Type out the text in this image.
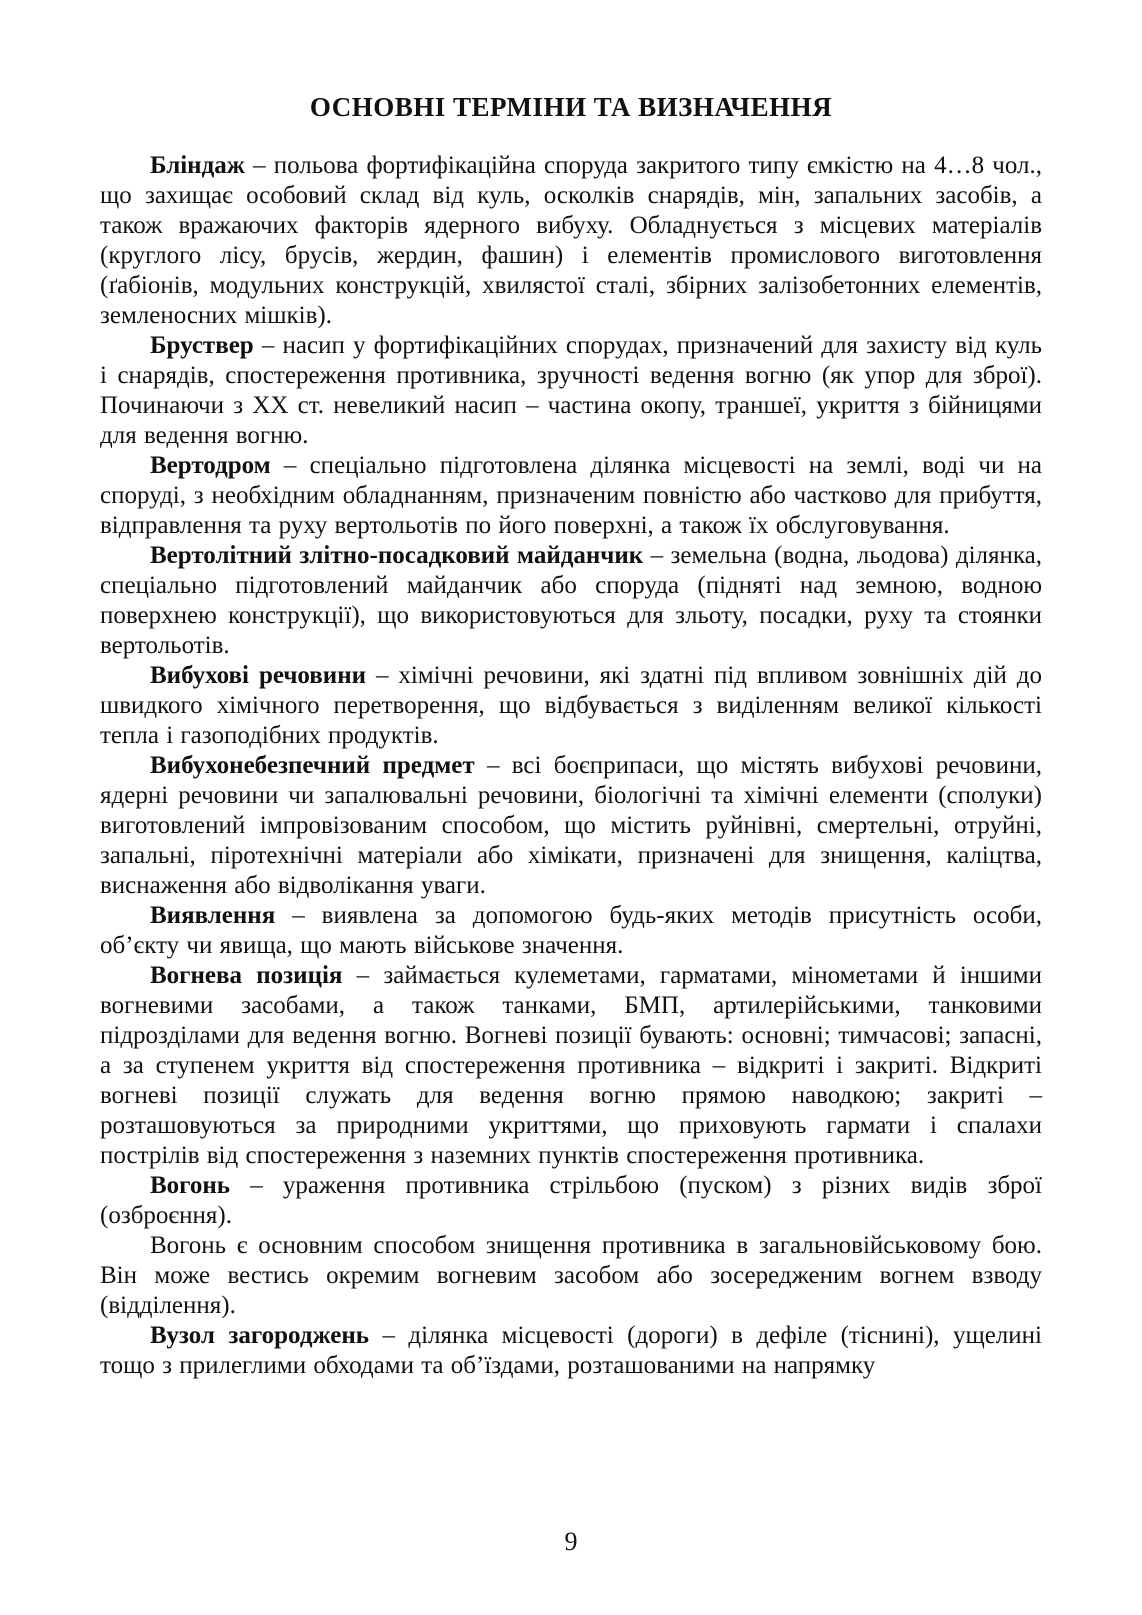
ОСНОВНІ ТЕРМІНИ ТА ВИЗНАЧЕННЯ

Бліндаж – польова фортифікаційна споруда закритого типу ємкістю на 4…8 чол., що захищає особовий склад від куль, осколків снарядів, мін, запальних засобів, а також вражаючих факторів ядерного вибуху. Обладнується з місцевих матеріалів (круглого лісу, брусів, жердин, фашин) і елементів промислового виготовлення (ґабіонів, модульних конструкцій, хвилястої сталі, збірних залізобетонних елементів, земленосних мішків).

Бруствер – насип у фортифікаційних спорудах, призначений для захисту від куль і снарядів, спостереження противника, зручності ведення вогню (як упор для зброї). Починаючи з XX ст. невеликий насип – частина окопу, траншеї, укриття з бійницями для ведення вогню.

Вертодром – спеціально підготовлена ділянка місцевості на землі, воді чи на споруді, з необхідним обладнанням, призначеним повністю або частково для прибуття, відправлення та руху вертольотів по його поверхні, а також їх обслуговування.

Вертолітний злітно-посадковий майданчик – земельна (водна, льодова) ділянка, спеціально підготовлений майданчик або споруда (підняті над земною, водною поверхнею конструкції), що використовуються для зльоту, посадки, руху та стоянки вертольотів.

Вибухові речовини – хімічні речовини, які здатні під впливом зовнішніх дій до швидкого хімічного перетворення, що відбувається з виділенням великої кількості тепла і газоподібних продуктів.

Вибухонебезпечний предмет – всі боєприпаси, що містять вибухові речовини, ядерні речовини чи запалювальні речовини, біологічні та хімічні елементи (сполуки) виготовлений імпровізованим способом, що містить руйнівні, смертельні, отруйні, запальні, піротехнічні матеріали або хімікати, призначені для знищення, каліцтва, виснаження або відволікання уваги.

Виявлення – виявлена за допомогою будь-яких методів присутність особи, об’єкту чи явища, що мають військове значення.

Вогнева позиція – займається кулеметами, гарматами, мінометами й іншими вогневими засобами, а також танками, БМП, артилерійськими, танковими підрозділами для ведення вогню. Вогневі позиції бувають: основні; тимчасові; запасні, а за ступенем укриття від спостереження противника – відкриті і закриті. Відкриті вогневі позиції служать для ведення вогню прямою наводкою; закриті – розташовуються за природними укриттями, що приховують гармати і спалахи пострілів від спостереження з наземних пунктів спостереження противника.

Вогонь – ураження противника стрільбою (пуском) з різних видів зброї (озброєння).

Вогонь є основним способом знищення противника в загальновійськовому бою. Він може вестись окремим вогневим засобом або зосередженим вогнем взводу (відділення).

Вузол загороджень – ділянка місцевості (дороги) в дефіле (тіснині), ущелині тощо з прилеглими обходами та об’їздами, розташованими на напрямку

9
